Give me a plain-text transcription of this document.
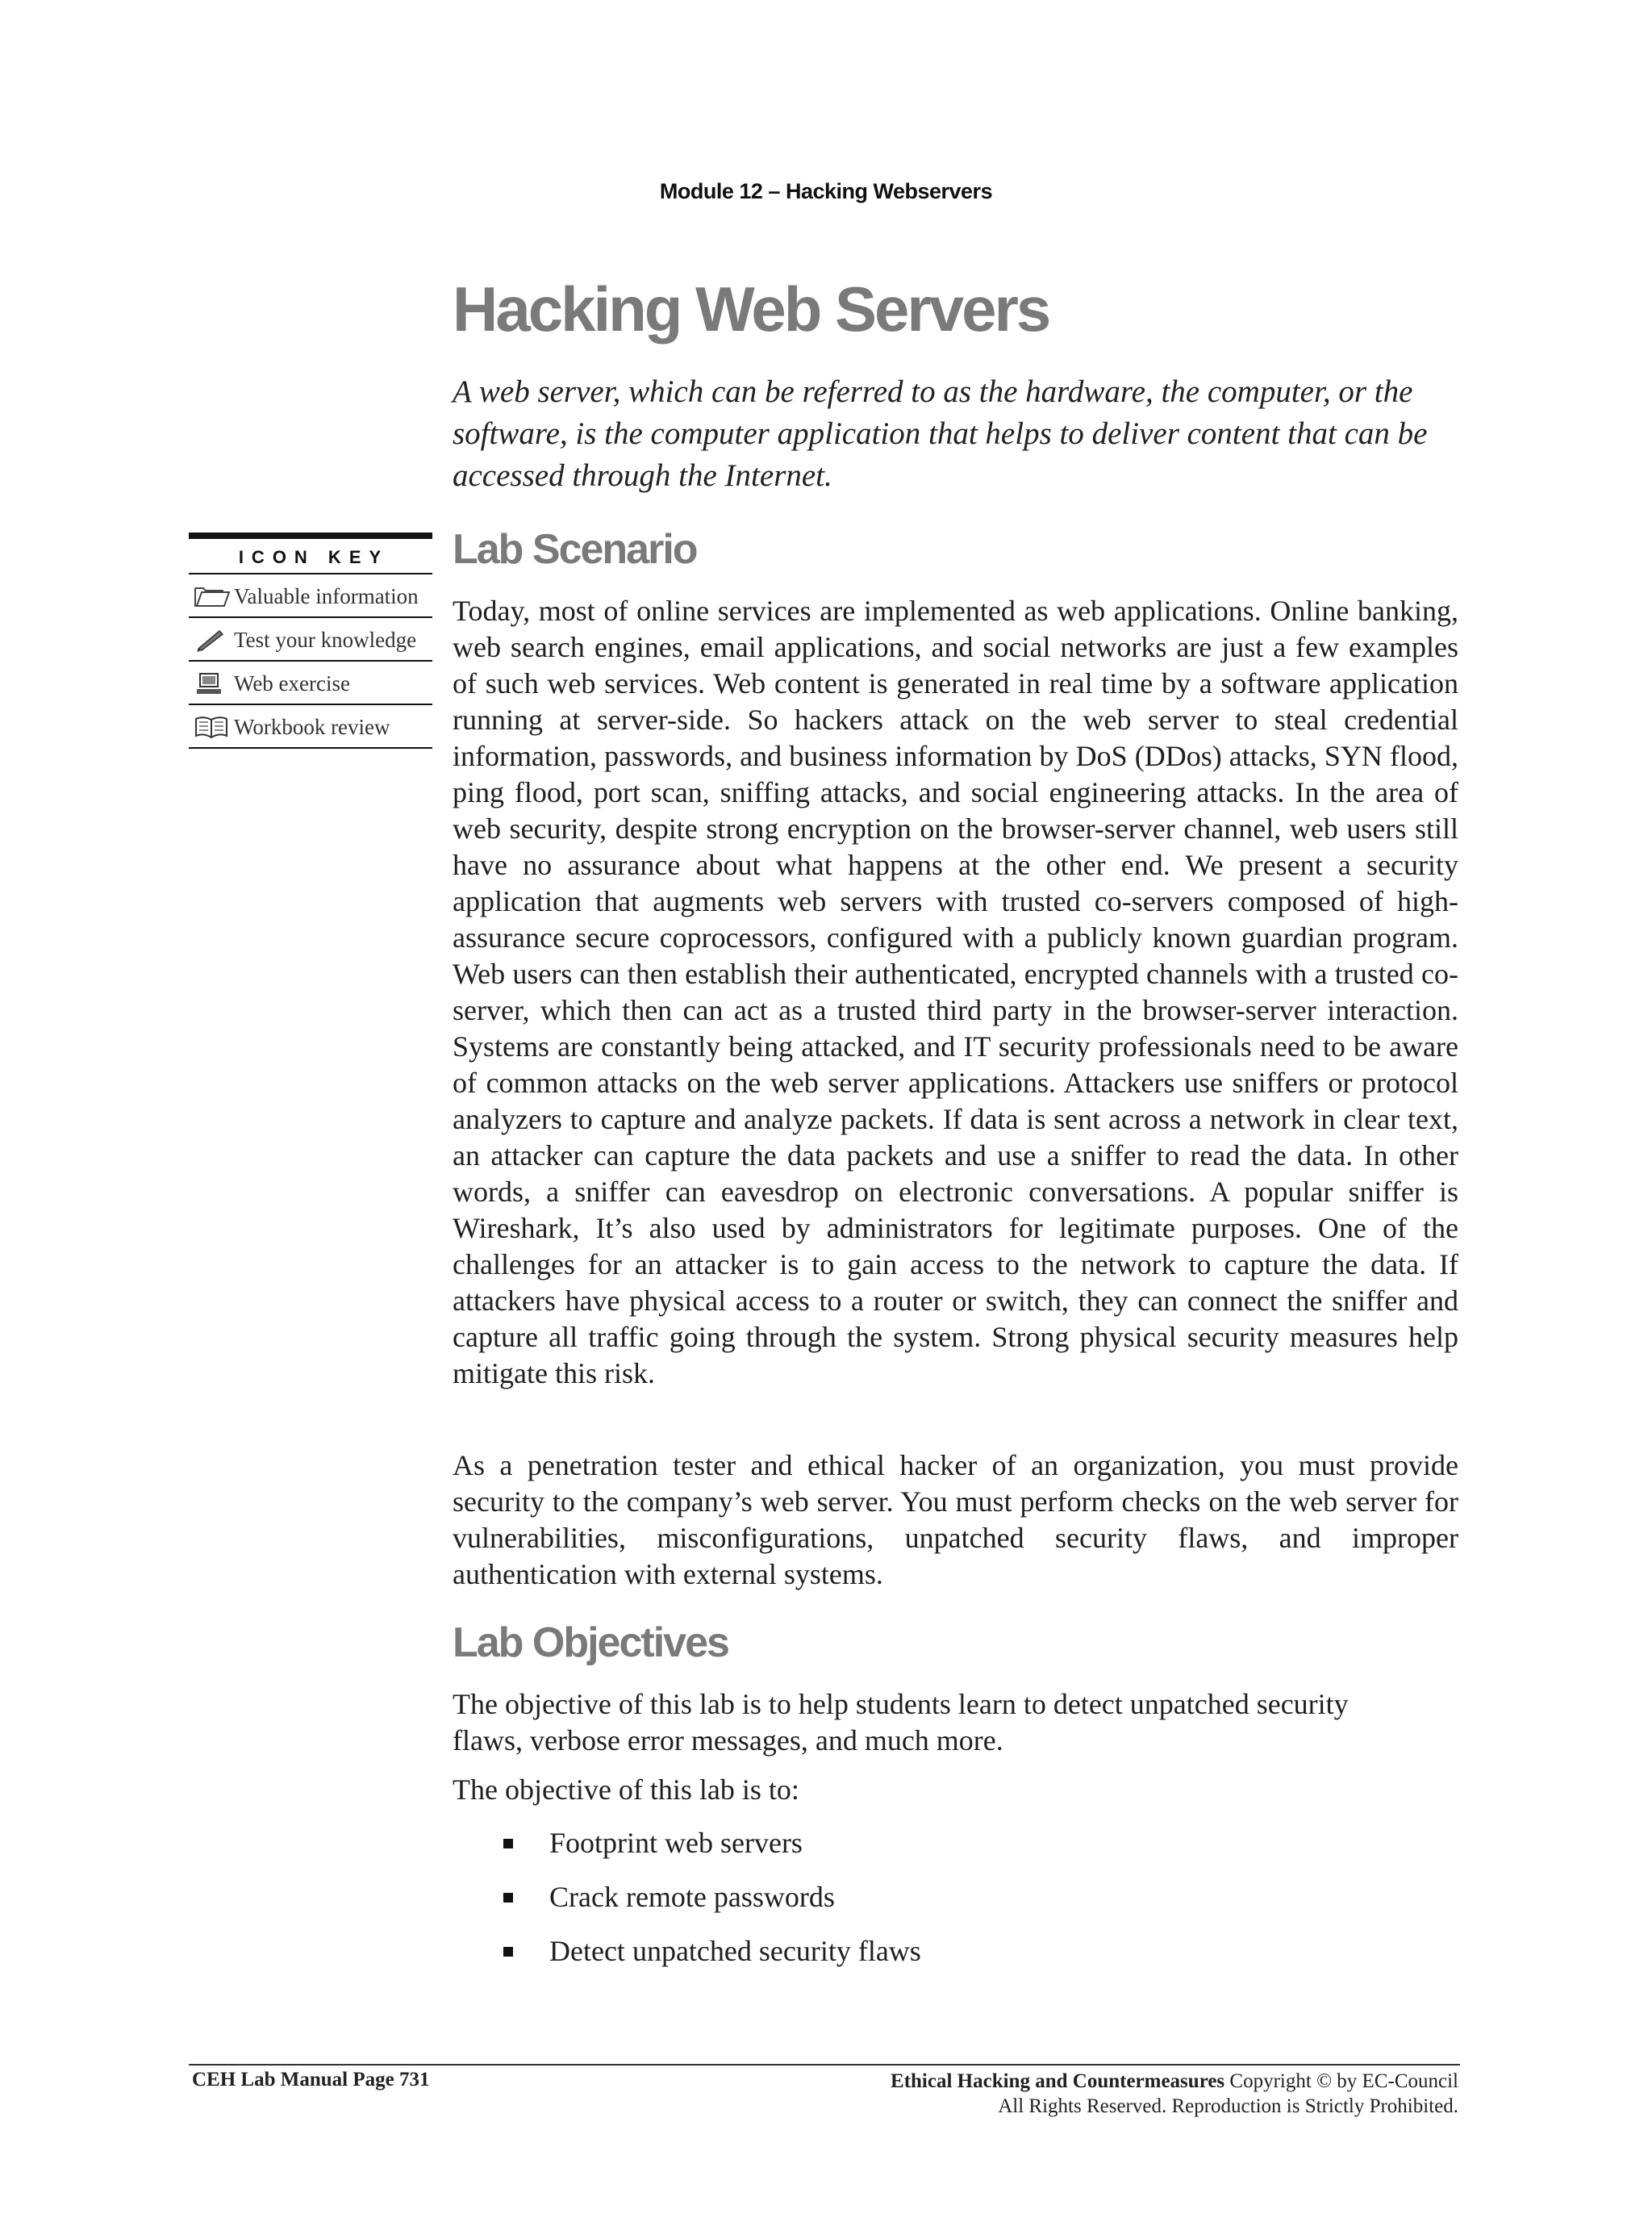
Module 12 – Hacking Webservers
Hacking Web Servers

A web server, which can be referred to as the hardware, the computer, or the software, is the computer application that helps to deliver content that can be accessed through the Internet.

ICON KEY
Valuable information
Test your knowledge
Web exercise
Workbook review
Lab Scenario

Today, most of online services are implemented as web applications. Online banking, web search engines, email applications, and social networks are just a few examples of such web services. Web content is generated in real time by a software application running at server-side. So hackers attack on the web server to steal credential information, passwords, and business information by DoS (DDos) attacks, SYN flood, ping flood, port scan, sniffing attacks, and social engineering attacks. In the area of web security, despite strong encryption on the browser-server channel, web users still have no assurance about what happens at the other end. We present a security application that augments web servers with trusted co-servers composed of high-assurance secure coprocessors, configured with a publicly known guardian program. Web users can then establish their authenticated, encrypted channels with a trusted co-server, which then can act as a trusted third party in the browser-server interaction. Systems are constantly being attacked, and IT security professionals need to be aware of common attacks on the web server applications. Attackers use sniffers or protocol analyzers to capture and analyze packets. If data is sent across a network in clear text, an attacker can capture the data packets and use a sniffer to read the data. In other words, a sniffer can eavesdrop on electronic conversations. A popular sniffer is Wireshark, It’s also used by administrators for legitimate purposes. One of the challenges for an attacker is to gain access to the network to capture the data. If attackers have physical access to a router or switch, they can connect the sniffer and capture all traffic going through the system. Strong physical security measures help mitigate this risk.

As a penetration tester and ethical hacker of an organization, you must provide security to the company’s web server. You must perform checks on the web server for vulnerabilities, misconfigurations, unpatched security flaws, and improper authentication with external systems.

Lab Objectives

The objective of this lab is to help students learn to detect unpatched security flaws, verbose error messages, and much more.

The objective of this lab is to:

Footprint web servers
Crack remote passwords
Detect unpatched security flaws
CEH Lab Manual Page 731	Ethical Hacking and Countermeasures Copyright © by EC-Council
All Rights Reserved. Reproduction is Strictly Prohibited.
